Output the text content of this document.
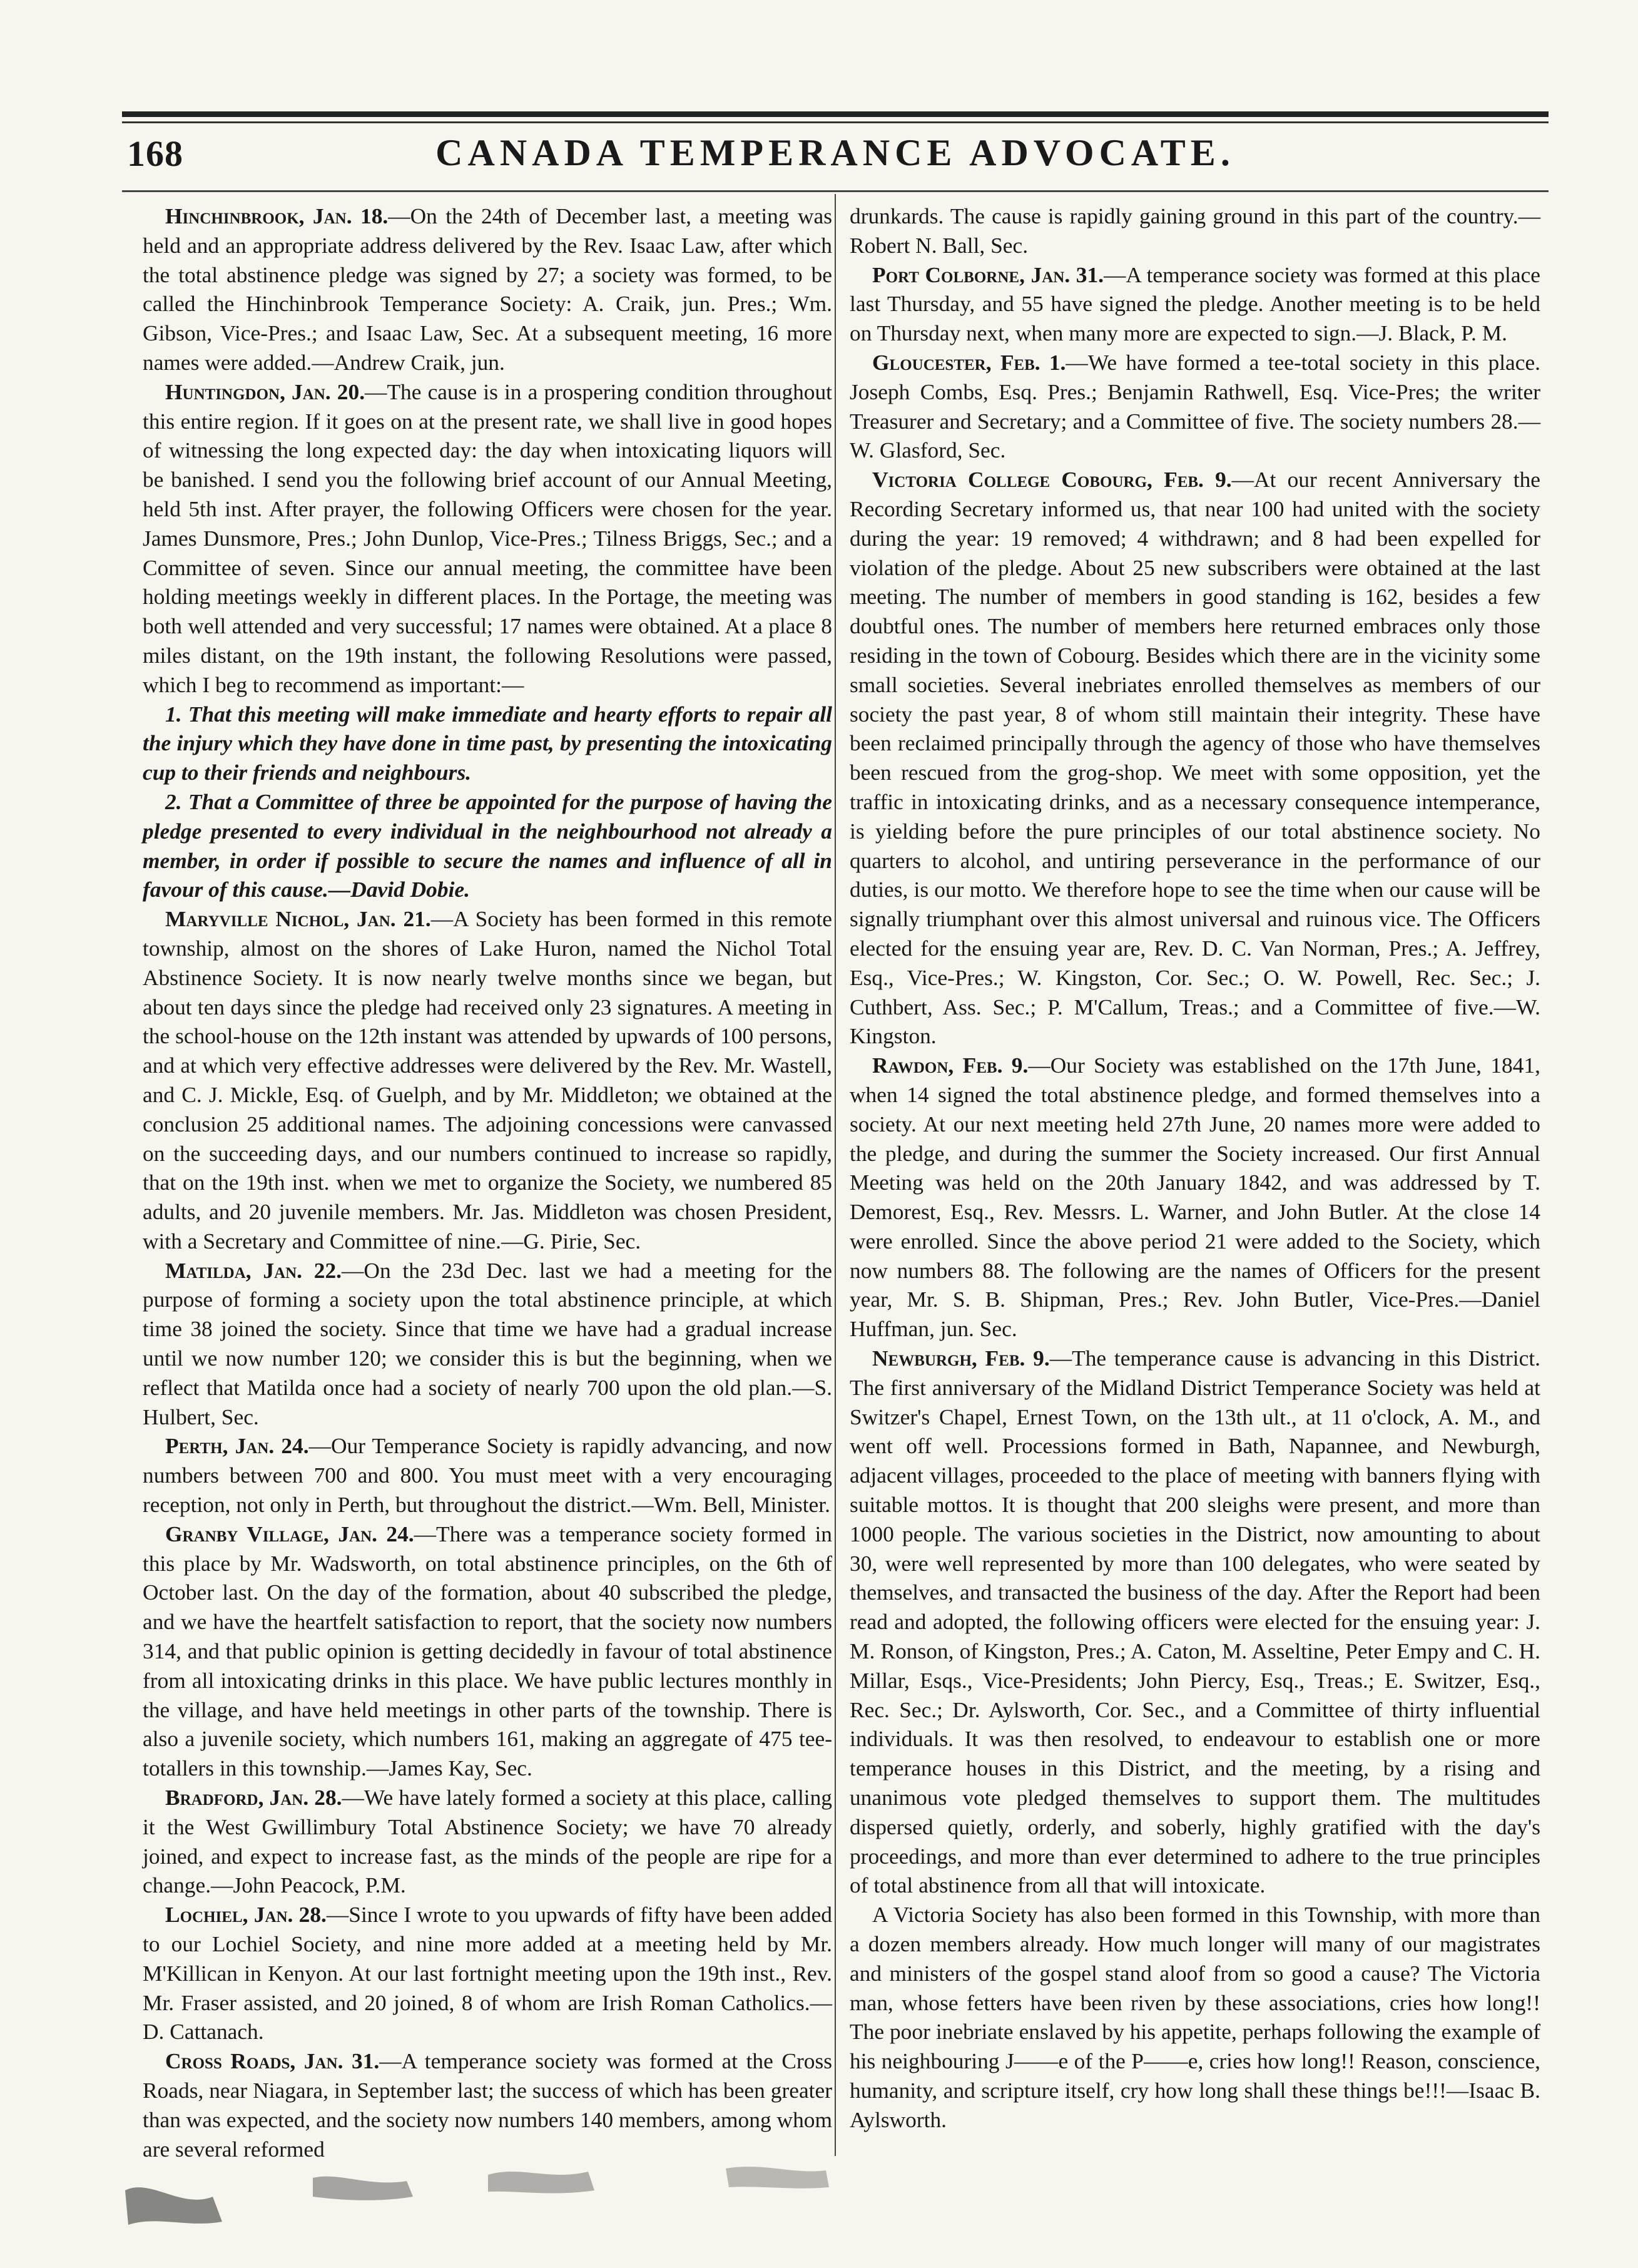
168	CANADA TEMPERANCE ADVOCATE.

Hinchinbrook, Jan. 18.—On the 24th of December last, a meeting was held and an appropriate address delivered by the Rev. Isaac Law, after which the total abstinence pledge was signed by 27; a society was formed, to be called the Hinchinbrook Temperance Society: A. Craik, jun. Pres.; Wm. Gibson, Vice-Pres.; and Isaac Law, Sec. At a subsequent meeting, 16 more names were added.—Andrew Craik, jun.

Huntingdon, Jan. 20.—The cause is in a prospering condition throughout this entire region. If it goes on at the present rate, we shall live in good hopes of witnessing the long expected day: the day when intoxicating liquors will be banished. I send you the following brief account of our Annual Meeting, held 5th inst. After prayer, the following Officers were chosen for the year. James Dunsmore, Pres.; John Dunlop, Vice-Pres.; Tilness Briggs, Sec.; and a Committee of seven. Since our annual meeting, the committee have been holding meetings weekly in different places. In the Portage, the meeting was both well attended and very successful; 17 names were obtained. At a place 8 miles distant, on the 19th instant, the following Resolutions were passed, which I beg to recommend as important:—

1. That this meeting will make immediate and hearty efforts to repair all the injury which they have done in time past, by presenting the intoxicating cup to their friends and neighbours.

2. That a Committee of three be appointed for the purpose of having the pledge presented to every individual in the neighbourhood not already a member, in order if possible to secure the names and influence of all in favour of this cause.—David Dobie.

Maryville Nichol, Jan. 21.—A Society has been formed in this remote township, almost on the shores of Lake Huron, named the Nichol Total Abstinence Society. It is now nearly twelve months since we began, but about ten days since the pledge had received only 23 signatures. A meeting in the school-house on the 12th instant was attended by upwards of 100 persons, and at which very effective addresses were delivered by the Rev. Mr. Wastell, and C. J. Mickle, Esq. of Guelph, and by Mr. Middleton; we obtained at the conclusion 25 additional names. The adjoining concessions were canvassed on the succeeding days, and our numbers continued to increase so rapidly, that on the 19th inst. when we met to organize the Society, we numbered 85 adults, and 20 juvenile members. Mr. Jas. Middleton was chosen President, with a Secretary and Committee of nine.—G. Pirie, Sec.

Matilda, Jan. 22.—On the 23d Dec. last we had a meeting for the purpose of forming a society upon the total abstinence principle, at which time 38 joined the society. Since that time we have had a gradual increase until we now number 120; we consider this is but the beginning, when we reflect that Matilda once had a society of nearly 700 upon the old plan.—S. Hulbert, Sec.

Perth, Jan. 24.—Our Temperance Society is rapidly advancing, and now numbers between 700 and 800. You must meet with a very encouraging reception, not only in Perth, but throughout the district.—Wm. Bell, Minister.

Granby Village, Jan. 24.—There was a temperance society formed in this place by Mr. Wadsworth, on total abstinence principles, on the 6th of October last. On the day of the formation, about 40 subscribed the pledge, and we have the heartfelt satisfaction to report, that the society now numbers 314, and that public opinion is getting decidedly in favour of total abstinence from all intoxicating drinks in this place. We have public lectures monthly in the village, and have held meetings in other parts of the township. There is also a juvenile society, which numbers 161, making an aggregate of 475 tee-totallers in this township.—James Kay, Sec.

Bradford, Jan. 28.—We have lately formed a society at this place, calling it the West Gwillimbury Total Abstinence Society; we have 70 already joined, and expect to increase fast, as the minds of the people are ripe for a change.—John Peacock, P.M.

Lochiel, Jan. 28.—Since I wrote to you upwards of fifty have been added to our Lochiel Society, and nine more added at a meeting held by Mr. M'Killican in Kenyon. At our last fortnight meeting upon the 19th inst., Rev. Mr. Fraser assisted, and 20 joined, 8 of whom are Irish Roman Catholics.—D. Cattanach.

Cross Roads, Jan. 31.—A temperance society was formed at the Cross Roads, near Niagara, in September last; the success of which has been greater than was expected, and the society now numbers 140 members, among whom are several reformed

drunkards. The cause is rapidly gaining ground in this part of the country.—Robert N. Ball, Sec.

Port Colborne, Jan. 31.—A temperance society was formed at this place last Thursday, and 55 have signed the pledge. Another meeting is to be held on Thursday next, when many more are expected to sign.—J. Black, P. M.

Gloucester, Feb. 1.—We have formed a tee-total society in this place. Joseph Combs, Esq. Pres.; Benjamin Rathwell, Esq. Vice-Pres; the writer Treasurer and Secretary; and a Committee of five. The society numbers 28.—W. Glasford, Sec.

Victoria College Cobourg, Feb. 9.—At our recent Anniversary the Recording Secretary informed us, that near 100 had united with the society during the year: 19 removed; 4 withdrawn; and 8 had been expelled for violation of the pledge. About 25 new subscribers were obtained at the last meeting. The number of members in good standing is 162, besides a few doubtful ones. The number of members here returned embraces only those residing in the town of Cobourg. Besides which there are in the vicinity some small societies. Several inebriates enrolled themselves as members of our society the past year, 8 of whom still maintain their integrity. These have been reclaimed principally through the agency of those who have themselves been rescued from the grog-shop. We meet with some opposition, yet the traffic in intoxicating drinks, and as a necessary consequence intemperance, is yielding before the pure principles of our total abstinence society. No quarters to alcohol, and untiring perseverance in the performance of our duties, is our motto. We therefore hope to see the time when our cause will be signally triumphant over this almost universal and ruinous vice. The Officers elected for the ensuing year are, Rev. D. C. Van Norman, Pres.; A. Jeffrey, Esq., Vice-Pres.; W. Kingston, Cor. Sec.; O. W. Powell, Rec. Sec.; J. Cuthbert, Ass. Sec.; P. M'Callum, Treas.; and a Committee of five.—W. Kingston.

Rawdon, Feb. 9.—Our Society was established on the 17th June, 1841, when 14 signed the total abstinence pledge, and formed themselves into a society. At our next meeting held 27th June, 20 names more were added to the pledge, and during the summer the Society increased. Our first Annual Meeting was held on the 20th January 1842, and was addressed by T. Demorest, Esq., Rev. Messrs. L. Warner, and John Butler. At the close 14 were enrolled. Since the above period 21 were added to the Society, which now numbers 88. The following are the names of Officers for the present year, Mr. S. B. Shipman, Pres.; Rev. John Butler, Vice-Pres.—Daniel Huffman, jun. Sec.

Newburgh, Feb. 9.—The temperance cause is advancing in this District. The first anniversary of the Midland District Temperance Society was held at Switzer's Chapel, Ernest Town, on the 13th ult., at 11 o'clock, A. M., and went off well. Processions formed in Bath, Napannee, and Newburgh, adjacent villages, proceeded to the place of meeting with banners flying with suitable mottos. It is thought that 200 sleighs were present, and more than 1000 people. The various societies in the District, now amounting to about 30, were well represented by more than 100 delegates, who were seated by themselves, and transacted the business of the day. After the Report had been read and adopted, the following officers were elected for the ensuing year: J. M. Ronson, of Kingston, Pres.; A. Caton, M. Asseltine, Peter Empy and C. H. Millar, Esqs., Vice-Presidents; John Piercy, Esq., Treas.; E. Switzer, Esq., Rec. Sec.; Dr. Aylsworth, Cor. Sec., and a Committee of thirty influential individuals. It was then resolved, to endeavour to establish one or more temperance houses in this District, and the meeting, by a rising and unanimous vote pledged themselves to support them. The multitudes dispersed quietly, orderly, and soberly, highly gratified with the day's proceedings, and more than ever determined to adhere to the true principles of total abstinence from all that will intoxicate.

A Victoria Society has also been formed in this Township, with more than a dozen members already. How much longer will many of our magistrates and ministers of the gospel stand aloof from so good a cause? The Victoria man, whose fetters have been riven by these associations, cries how long!! The poor inebriate enslaved by his appetite, perhaps following the example of his neighbouring J——e of the P——e, cries how long!! Reason, conscience, humanity, and scripture itself, cry how long shall these things be!!!—Isaac B. Aylsworth.
